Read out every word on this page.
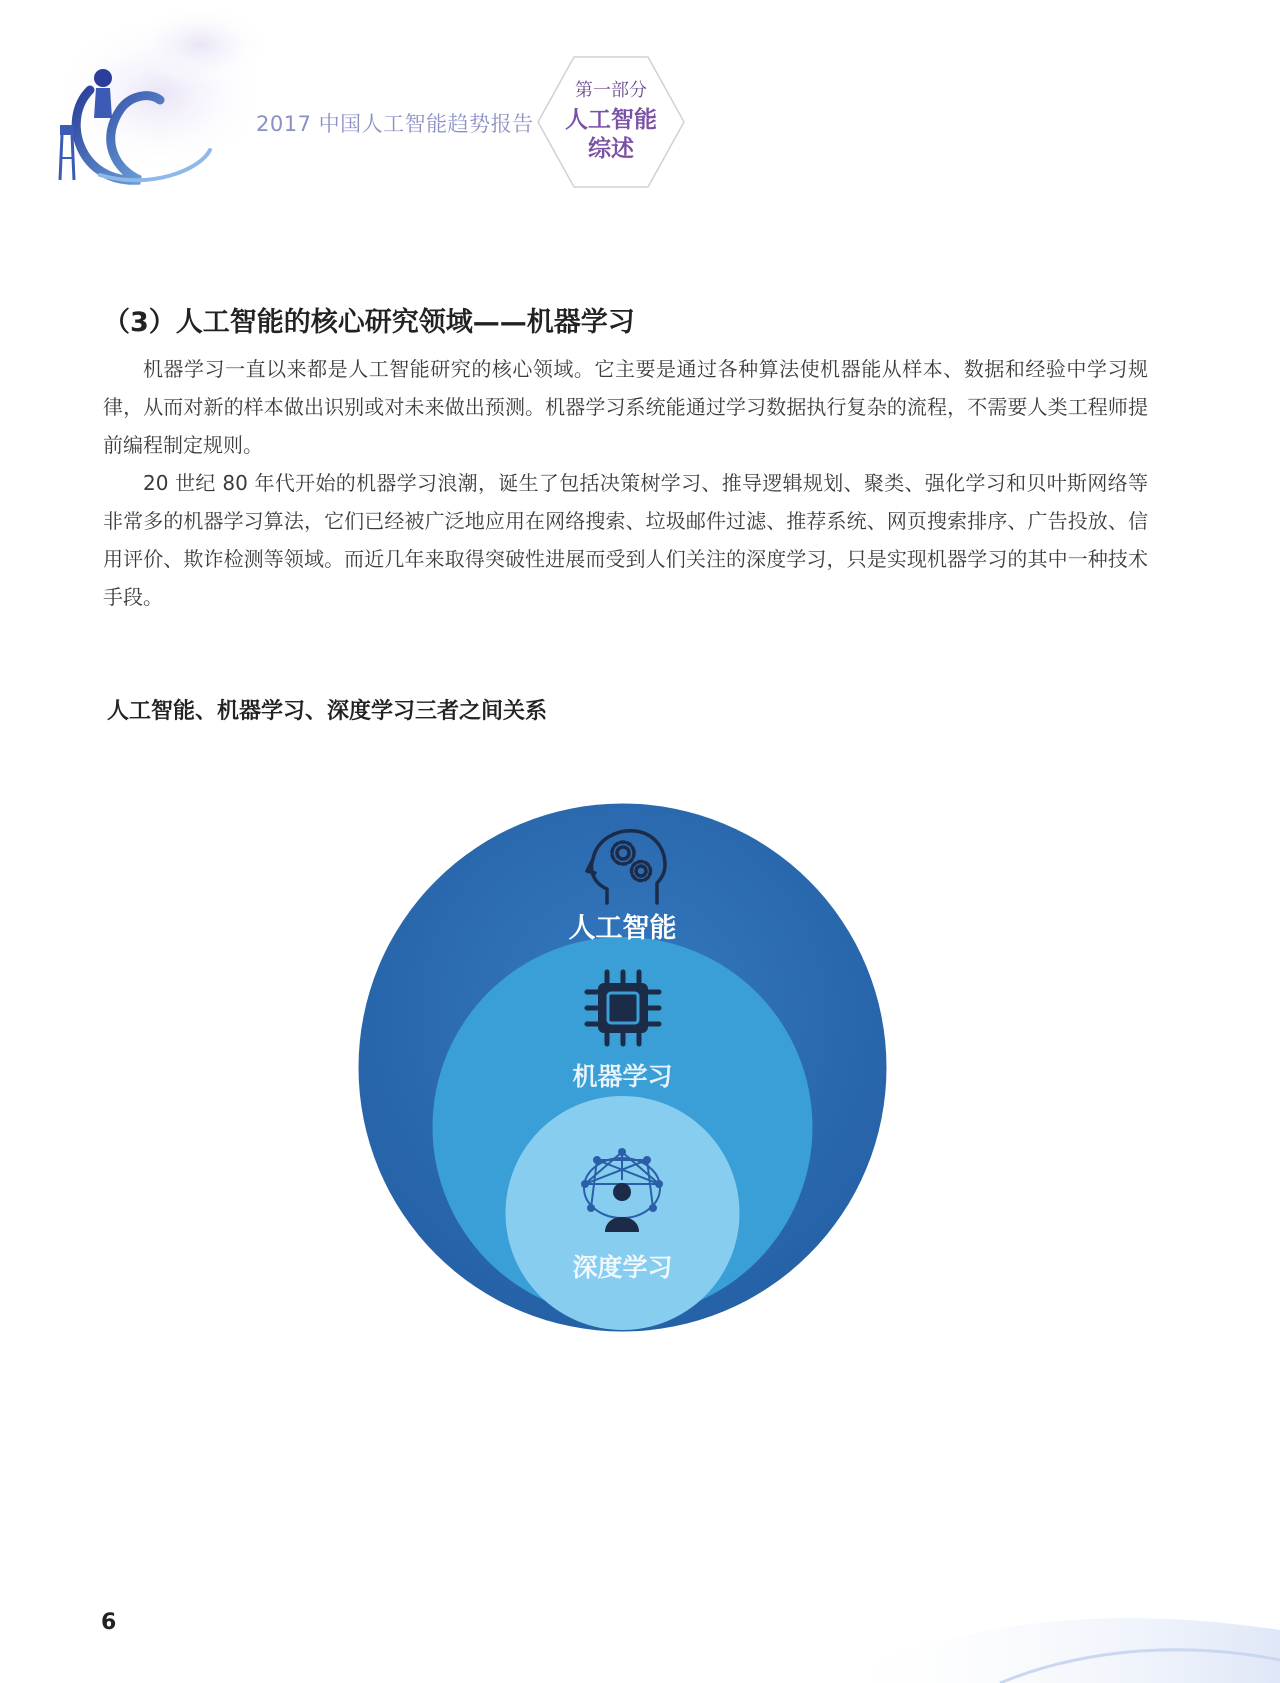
2017 中国人工智能趋势报告
第一部分
人工智能
综述
（3）人工智能的核心研究领域——机器学习

机器学习一直以来都是人工智能研究的核心领域。它主要是通过各种算法使机器能从样本、数据和经验中学习规律，从而对新的样本做出识别或对未来做出预测。机器学习系统能通过学习数据执行复杂的流程，不需要人类工程师提前编程制定规则。

20 世纪 80 年代开始的机器学习浪潮，诞生了包括决策树学习、推导逻辑规划、聚类、强化学习和贝叶斯网络等非常多的机器学习算法，它们已经被广泛地应用在网络搜索、垃圾邮件过滤、推荐系统、网页搜索排序、广告投放、信用评价、欺诈检测等领域。而近几年来取得突破性进展而受到人们关注的深度学习，只是实现机器学习的其中一种技术手段。

人工智能、机器学习、深度学习三者之间关系
人工智能
机器学习
深度学习
6
